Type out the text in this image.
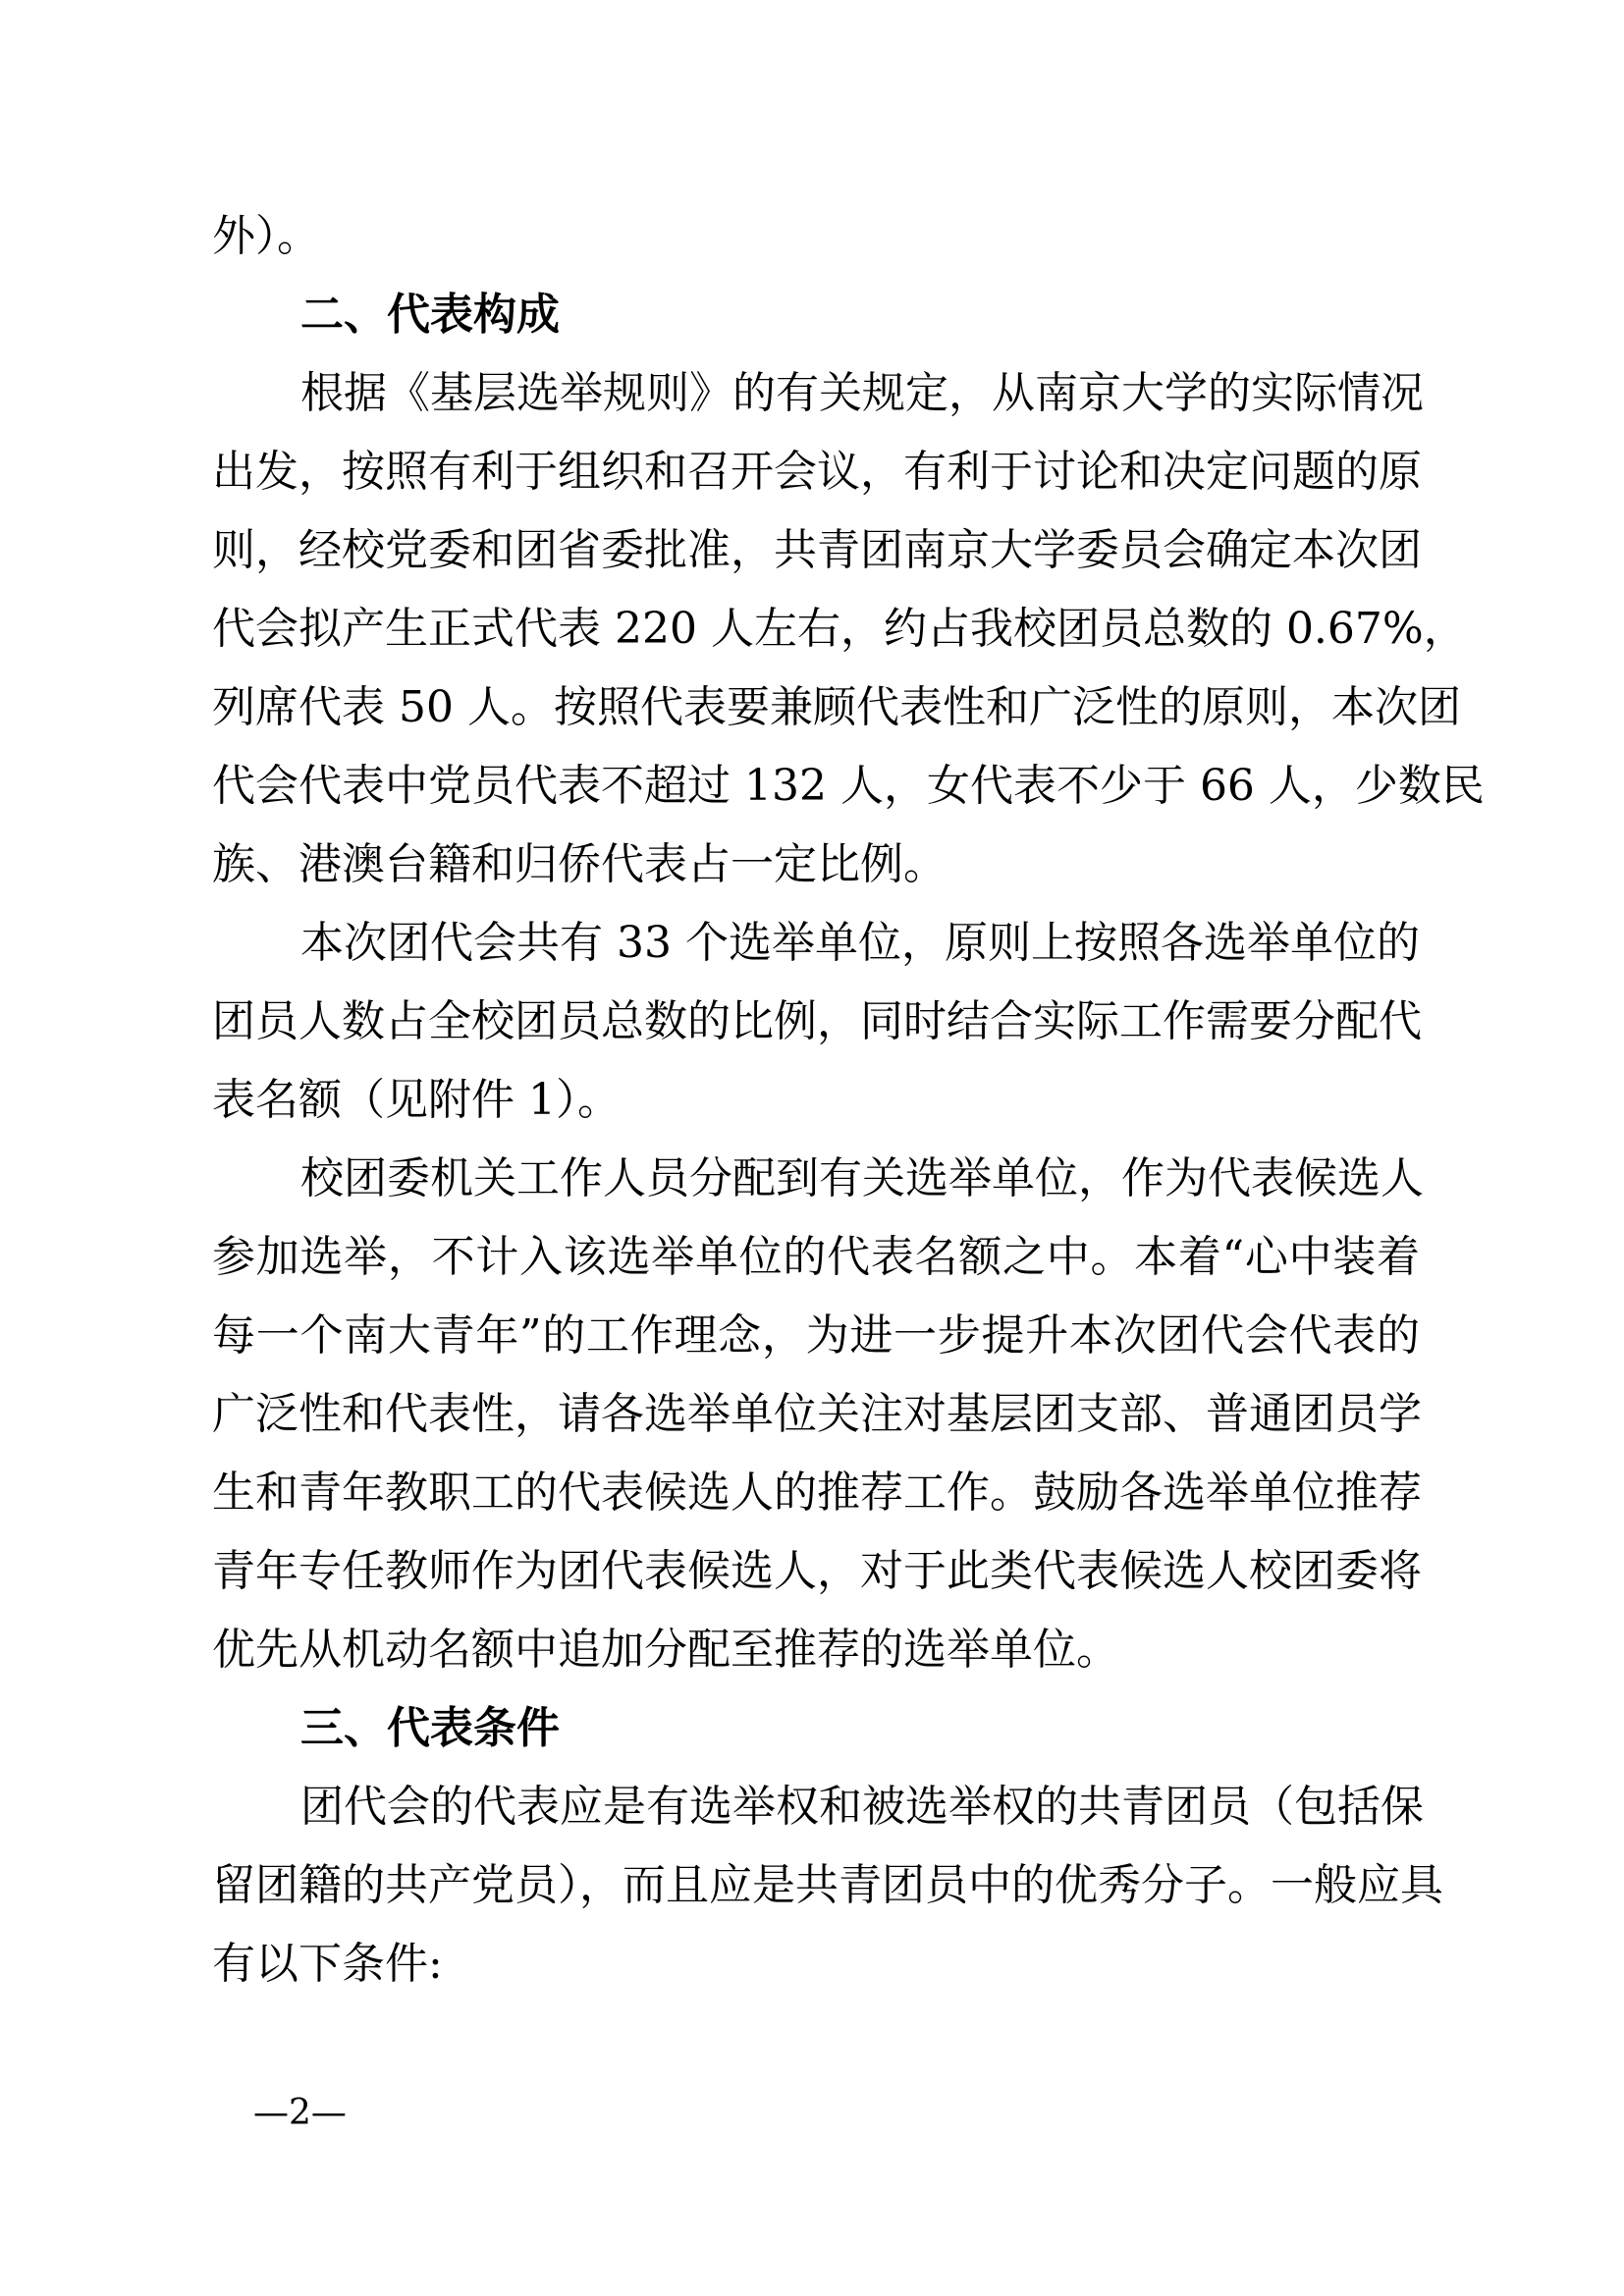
外）。
二、代表构成
根据《基层选举规则》的有关规定，从南京大学的实际情况
出发，按照有利于组织和召开会议，有利于讨论和决定问题的原
则，经校党委和团省委批准，共青团南京大学委员会确定本次团
代会拟产生正式代表 220 人左右，约占我校团员总数的 0.67%，
列席代表 50 人。按照代表要兼顾代表性和广泛性的原则，本次团
代会代表中党员代表不超过 132 人，女代表不少于 66 人，少数民
族、港澳台籍和归侨代表占一定比例。
本次团代会共有 33 个选举单位，原则上按照各选举单位的
团员人数占全校团员总数的比例，同时结合实际工作需要分配代
表名额（见附件 1）。
校团委机关工作人员分配到有关选举单位，作为代表候选人
参加选举，不计入该选举单位的代表名额之中。本着“心中装着
每一个南大青年”的工作理念，为进一步提升本次团代会代表的
广泛性和代表性，请各选举单位关注对基层团支部、普通团员学
生和青年教职工的代表候选人的推荐工作。鼓励各选举单位推荐
青年专任教师作为团代表候选人，对于此类代表候选人校团委将
优先从机动名额中追加分配至推荐的选举单位。
三、代表条件
团代会的代表应是有选举权和被选举权的共青团员（包括保
留团籍的共产党员），而且应是共青团员中的优秀分子。一般应具
有以下条件:
—2—
